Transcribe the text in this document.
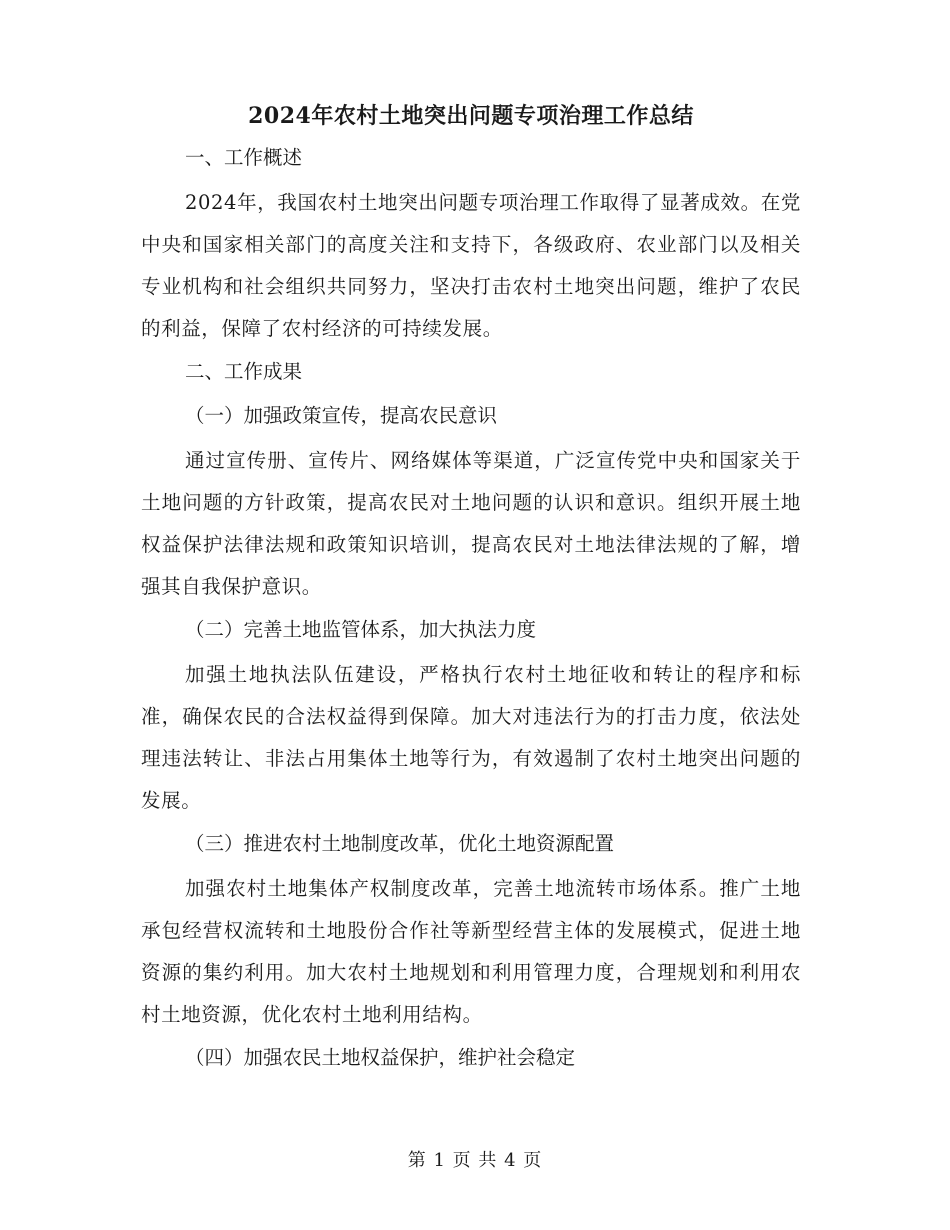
2024年农村土地突出问题专项治理工作总结

一、工作概述

2024年，我国农村土地突出问题专项治理工作取得了显著成效。在党中央和国家相关部门的高度关注和支持下，各级政府、农业部门以及相关专业机构和社会组织共同努力，坚决打击农村土地突出问题，维护了农民的利益，保障了农村经济的可持续发展。

二、工作成果

（一）加强政策宣传，提高农民意识

通过宣传册、宣传片、网络媒体等渠道，广泛宣传党中央和国家关于土地问题的方针政策，提高农民对土地问题的认识和意识。组织开展土地权益保护法律法规和政策知识培训，提高农民对土地法律法规的了解，增强其自我保护意识。

（二）完善土地监管体系，加大执法力度

加强土地执法队伍建设，严格执行农村土地征收和转让的程序和标准，确保农民的合法权益得到保障。加大对违法行为的打击力度，依法处理违法转让、非法占用集体土地等行为，有效遏制了农村土地突出问题的发展。

（三）推进农村土地制度改革，优化土地资源配置

加强农村土地集体产权制度改革，完善土地流转市场体系。推广土地承包经营权流转和土地股份合作社等新型经营主体的发展模式，促进土地资源的集约利用。加大农村土地规划和利用管理力度，合理规划和利用农村土地资源，优化农村土地利用结构。

（四）加强农民土地权益保护，维护社会稳定

第 1 页 共 4 页
